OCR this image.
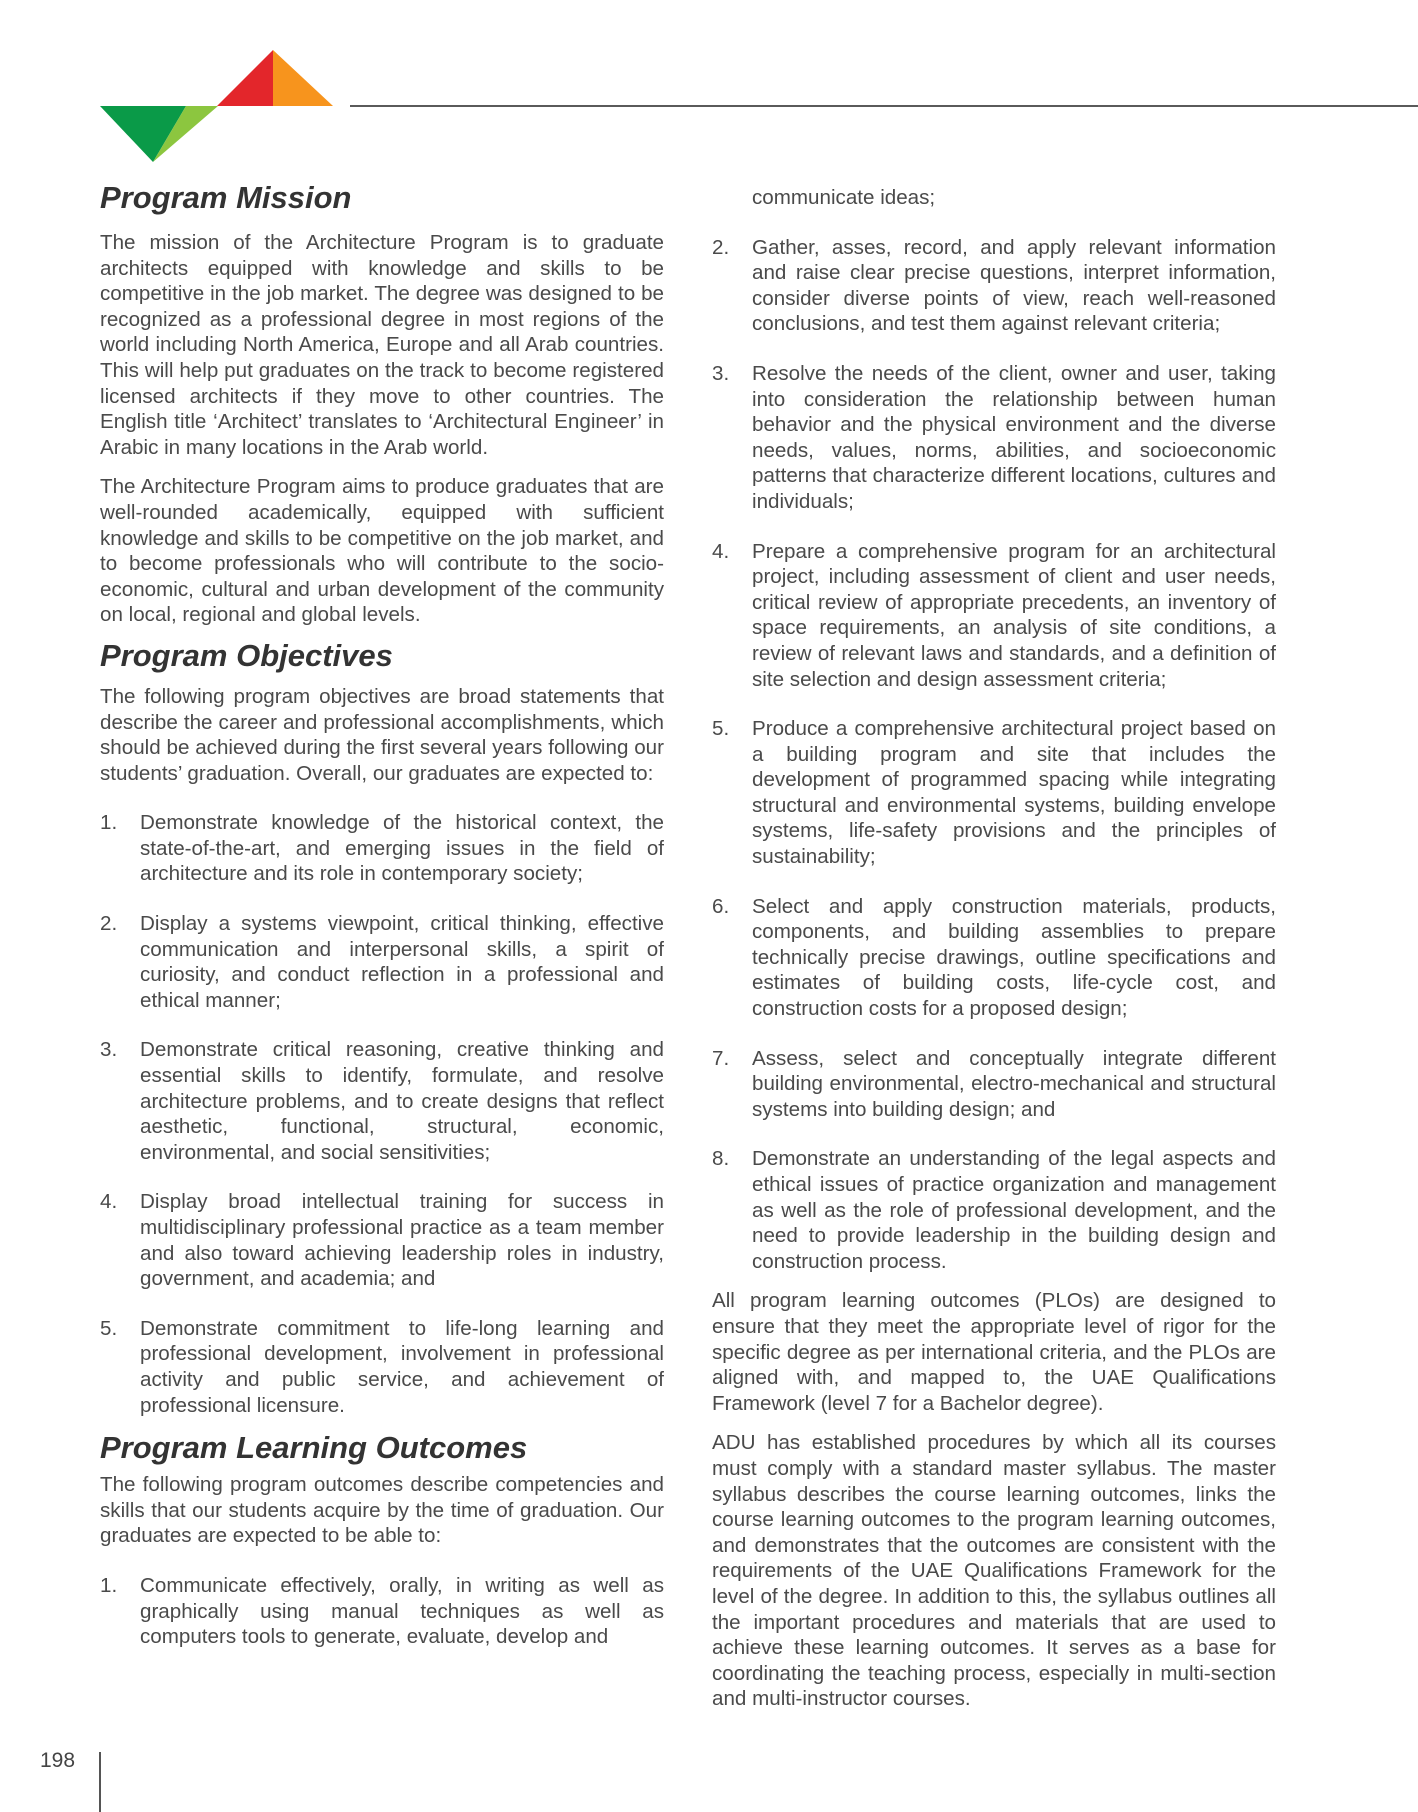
Program Mission

The mission of the Architecture Program is to graduate architects equipped with knowledge and skills to be competitive in the job market. The degree was designed to be recognized as a professional degree in most regions of the world including North America, Europe and all Arab countries. This will help put graduates on the track to become registered licensed architects if they move to other countries. The English title ‘Architect’ translates to ‘Architectural Engineer’ in Arabic in many locations in the Arab world.

The Architecture Program aims to produce graduates that are well-rounded academically, equipped with sufficient knowledge and skills to be competitive on the job market, and to become professionals who will contribute to the socio-economic, cultural and urban development of the community on local, regional and global levels.

Program Objectives

The following program objectives are broad statements that describe the career and professional accomplishments, which should be achieved during the first several years following our students’ graduation. Overall, our graduates are expected to:

1. Demonstrate knowledge of the historical context, the state-of-the-art, and emerging issues in the field of architecture and its role in contemporary society;
2. Display a systems viewpoint, critical thinking, effective communication and interpersonal skills, a spirit of curiosity, and conduct reflection in a professional and ethical manner;
3. Demonstrate critical reasoning, creative thinking and essential skills to identify, formulate, and resolve architecture problems, and to create designs that reflect aesthetic, functional, structural, economic, environmental, and social sensitivities;
4. Display broad intellectual training for success in multidisciplinary professional practice as a team member and also toward achieving leadership roles in industry, government, and academia; and
5. Demonstrate commitment to life-long learning and professional development, involvement in professional activity and public service, and achievement of professional licensure.
Program Learning Outcomes

The following program outcomes describe competencies and skills that our students acquire by the time of graduation. Our graduates are expected to be able to:

1. Communicate effectively, orally, in writing as well as graphically using manual techniques as well as computers tools to generate, evaluate, develop and
communicate ideas;
2. Gather, asses, record, and apply relevant information and raise clear precise questions, interpret information, consider diverse points of view, reach well-reasoned conclusions, and test them against relevant criteria;
3. Resolve the needs of the client, owner and user, taking into consideration the relationship between human behavior and the physical environment and the diverse needs, values, norms, abilities, and socioeconomic patterns that characterize different locations, cultures and individuals;
4. Prepare a comprehensive program for an architectural project, including assessment of client and user needs, critical review of appropriate precedents, an inventory of space requirements, an analysis of site conditions, a review of relevant laws and standards, and a definition of site selection and design assessment criteria;
5. Produce a comprehensive architectural project based on a building program and site that includes the development of programmed spacing while integrating structural and environmental systems, building envelope systems, life-safety provisions and the principles of sustainability;
6. Select and apply construction materials, products, components, and building assemblies to prepare technically precise drawings, outline specifications and estimates of building costs, life-cycle cost, and construction costs for a proposed design;
7. Assess, select and conceptually integrate different building environmental, electro-mechanical and structural systems into building design; and
8. Demonstrate an understanding of the legal aspects and ethical issues of practice organization and management as well as the role of professional development, and the need to provide leadership in the building design and construction process.

All program learning outcomes (PLOs) are designed to ensure that they meet the appropriate level of rigor for the specific degree as per international criteria, and the PLOs are aligned with, and mapped to, the UAE Qualifications Framework (level 7 for a Bachelor degree).

ADU has established procedures by which all its courses must comply with a standard master syllabus. The master syllabus describes the course learning outcomes, links the course learning outcomes to the program learning outcomes, and demonstrates that the outcomes are consistent with the requirements of the UAE Qualifications Framework for the level of the degree. In addition to this, the syllabus outlines all the important procedures and materials that are used to achieve these learning outcomes. It serves as a base for coordinating the teaching process, especially in multi-section and multi-instructor courses.

198
